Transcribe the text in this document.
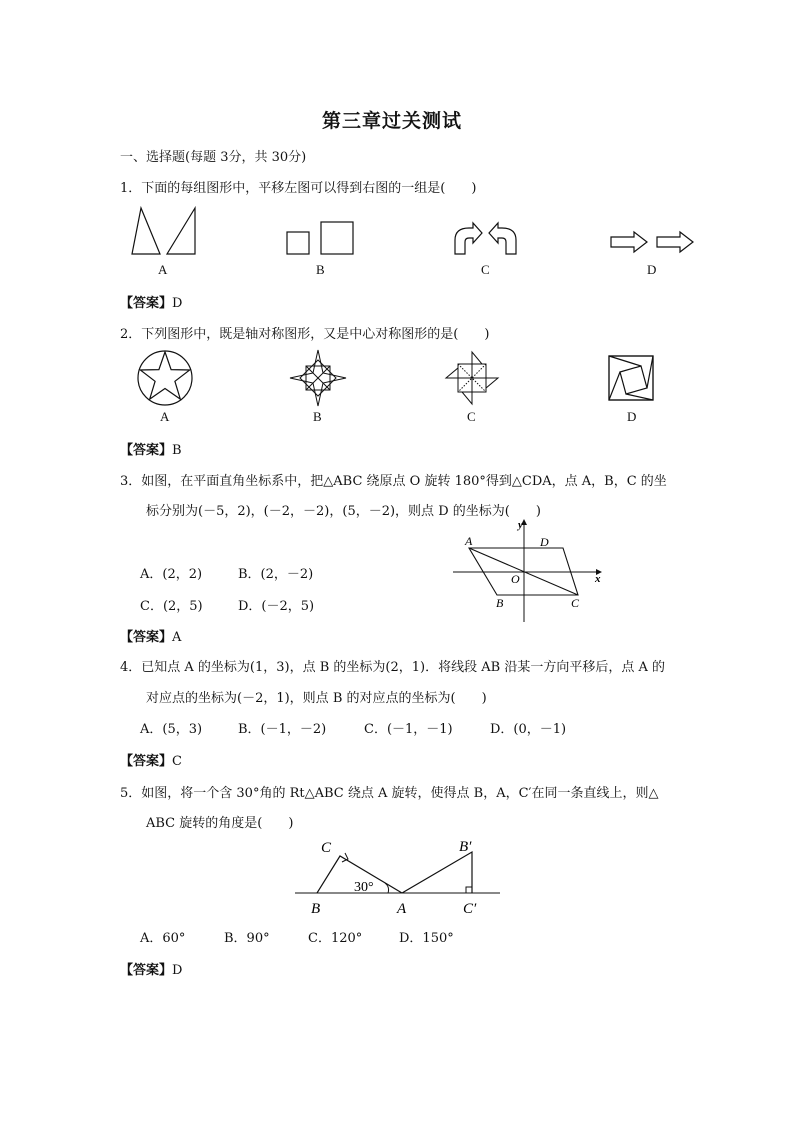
第三章过关测试
一、选择题(每题 3分，共 30分)
1．下面的每组图形中，平移左图可以得到右图的一组是(　　)
A	B	C	D
【答案】D
2．下列图形中，既是轴对称图形，又是中心对称图形的是(　　)
A	B	C	D
【答案】B
3．如图，在平面直角坐标系中，把△ABC 绕原点 O 旋转 180°得到△CDA，点 A，B，C 的坐
标分别为(－5，2)，(－2，－2)，(5，－2)，则点 D 的坐标为(　　)
A．(2，2)	B．(2，－2)
C．(2，5)	D．(－2，5)
y
x
A	D
O
B	C
【答案】A
4．已知点 A 的坐标为(1，3)，点 B 的坐标为(2，1)．将线段 AB 沿某一方向平移后，点 A 的
对应点的坐标为(－2，1)，则点 B 的对应点的坐标为(　　)
A．(5，3)	B．(－1，－2)	C．(－1，－1)	D．(0，－1)
【答案】C
5．如图，将一个含 30°角的 Rt△ABC 绕点 A 旋转，使得点 B，A，C′在同一条直线上，则△
ABC 旋转的角度是(　　)
C
B	A
30°
B′
C′
A．60°	B．90°	C．120°	D．150°
【答案】D
